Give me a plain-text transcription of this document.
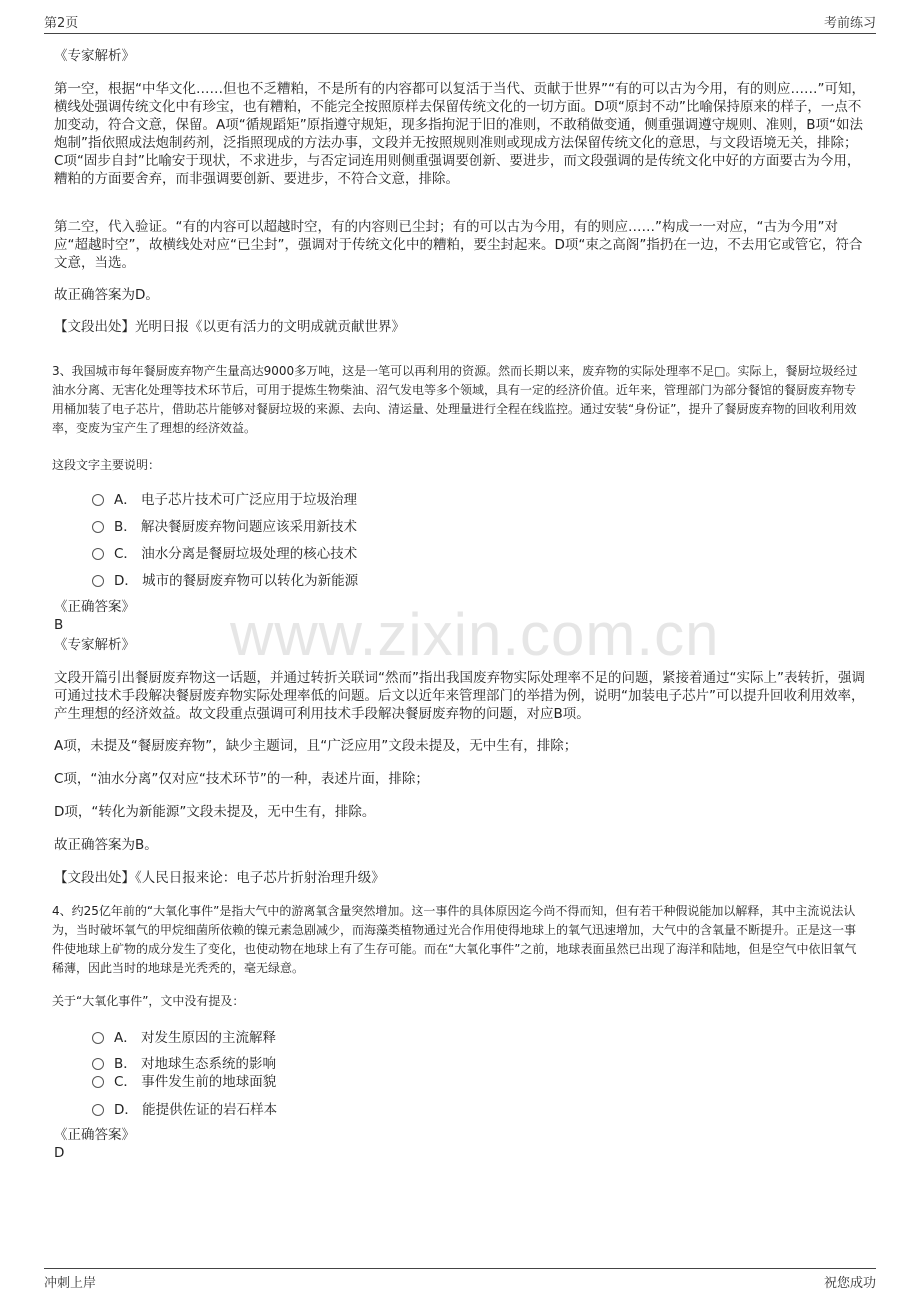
第2页	考前练习
www.zixin.com.cn

《专家解析》

第一空，根据“中华文化……但也不乏糟粕，不是所有的内容都可以复活于当代、贡献于世界”“有的可以古为今用，有的则应……”可知，横线处强调传统文化中有珍宝，也有糟粕，不能完全按照原样去保留传统文化的一切方面。D项“原封不动”比喻保持原来的样子，一点不加变动，符合文意，保留。A项“循规蹈矩”原指遵守规矩，现多指拘泥于旧的准则，不敢稍做变通，侧重强调遵守规则、准则，B项“如法炮制”指依照成法炮制药剂，泛指照现成的方法办事，文段并无按照规则准则或现成方法保留传统文化的意思，与文段语境无关，排除；C项“固步自封”比喻安于现状，不求进步，与否定词连用则侧重强调要创新、要进步，而文段强调的是传统文化中好的方面要古为今用，糟粕的方面要舍弃，而非强调要创新、要进步，不符合文意，排除。

第二空，代入验证。“有的内容可以超越时空，有的内容则已尘封；有的可以古为今用，有的则应……”构成一一对应，“古为今用”对应“超越时空”，故横线处对应“已尘封”，强调对于传统文化中的糟粕，要尘封起来。D项“束之高阁”指扔在一边，不去用它或管它，符合文意，当选。

故正确答案为D。

【文段出处】光明日报《以更有活力的文明成就贡献世界》

3、我国城市每年餐厨废弃物产生量高达9000多万吨，这是一笔可以再利用的资源。然而长期以来，废弃物的实际处理率不足□。实际上，餐厨垃圾经过油水分离、无害化处理等技术环节后，可用于提炼生物柴油、沼气发电等多个领域，具有一定的经济价值。近年来，管理部门为部分餐馆的餐厨废弃物专用桶加装了电子芯片，借助芯片能够对餐厨垃圾的来源、去向、清运量、处理量进行全程在线监控。通过安装“身份证”，提升了餐厨废弃物的回收利用效率，变废为宝产生了理想的经济效益。

这段文字主要说明：

A． 电子芯片技术可广泛应用于垃圾治理
B． 解决餐厨废弃物问题应该采用新技术
C． 油水分离是餐厨垃圾处理的核心技术
D． 城市的餐厨废弃物可以转化为新能源

《正确答案》

B

《专家解析》

文段开篇引出餐厨废弃物这一话题，并通过转折关联词“然而”指出我国废弃物实际处理率不足的问题，紧接着通过“实际上”表转折，强调可通过技术手段解决餐厨废弃物实际处理率低的问题。后文以近年来管理部门的举措为例，说明“加装电子芯片”可以提升回收利用效率，产生理想的经济效益。故文段重点强调可利用技术手段解决餐厨废弃物的问题，对应B项。

A项，未提及“餐厨废弃物”，缺少主题词，且“广泛应用”文段未提及，无中生有，排除；

C项，“油水分离”仅对应“技术环节”的一种，表述片面，排除；

D项，“转化为新能源”文段未提及，无中生有，排除。

故正确答案为B。

【文段出处】《人民日报来论：电子芯片折射治理升级》

4、约25亿年前的“大氧化事件”是指大气中的游离氧含量突然增加。这一事件的具体原因迄今尚不得而知，但有若干种假说能加以解释，其中主流说法认为，当时破坏氧气的甲烷细菌所依赖的镍元素急剧减少，而海藻类植物通过光合作用使得地球上的氧气迅速增加，大气中的含氧量不断提升。正是这一事件使地球上矿物的成分发生了变化，也使动物在地球上有了生存可能。而在“大氧化事件”之前，地球表面虽然已出现了海洋和陆地，但是空气中依旧氧气稀薄，因此当时的地球是光秃秃的，毫无绿意。

关于“大氧化事件”，文中没有提及：

A． 对发生原因的主流解释
B． 对地球生态系统的影响
C． 事件发生前的地球面貌
D． 能提供佐证的岩石样本

《正确答案》

D

冲刺上岸	祝您成功
